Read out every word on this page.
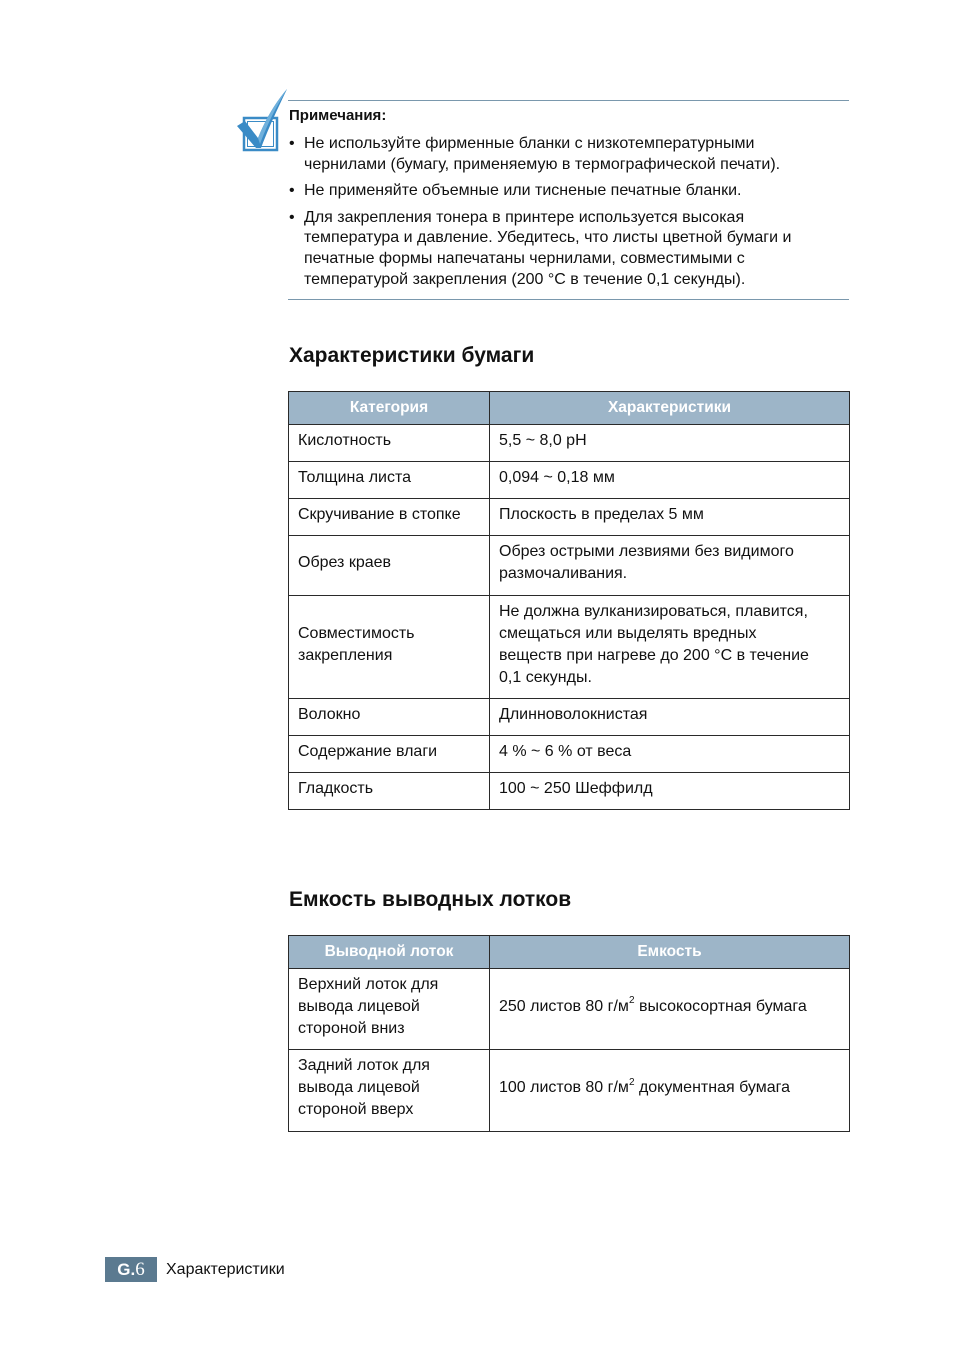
Примечания:
• Не используйте фирменные бланки с низкотемпературными
чернилами (бумагу, применяемую в термографической печати).
• Не применяйте объемные или тисненые печатные бланки.
• Для закрепления тонера в принтере используется высокая
температура и давление. Убедитесь, что листы цветной бумаги и
печатные формы напечатаны чернилами, совместимыми с
температурой закрепления (200 °C в течение 0,1 секунды).
Характеристики бумаги
Категория	Характеристики
Кислотность	5,5 ~ 8,0 pH
Толщина листа	0,094 ~ 0,18 мм
Скручивание в стопке	Плоскость в пределах 5 мм
Обрез краев	Обрез острыми лезвиями без видимого
размочаливания.
Совместимость
закрепления	Не должна вулканизироваться, плавится,
смещаться или выделять вредных
веществ при нагреве до 200 °C в течение
0,1 секунды.
Волокно	Длинноволокнистая
Содержание влаги	4 % ~ 6 % от веса
Гладкость	100 ~ 250 Шеффилд
Емкость выводных лотков
Выводной лоток	Емкость
Верхний лоток для
вывода лицевой
стороной вниз	250 листов 80 $г/м^2$ высокосортная бумага
Задний лоток для
вывода лицевой
стороной вверх	100 листов 80 $г/м^2$ документная бумага
G. 6 Характеристики
